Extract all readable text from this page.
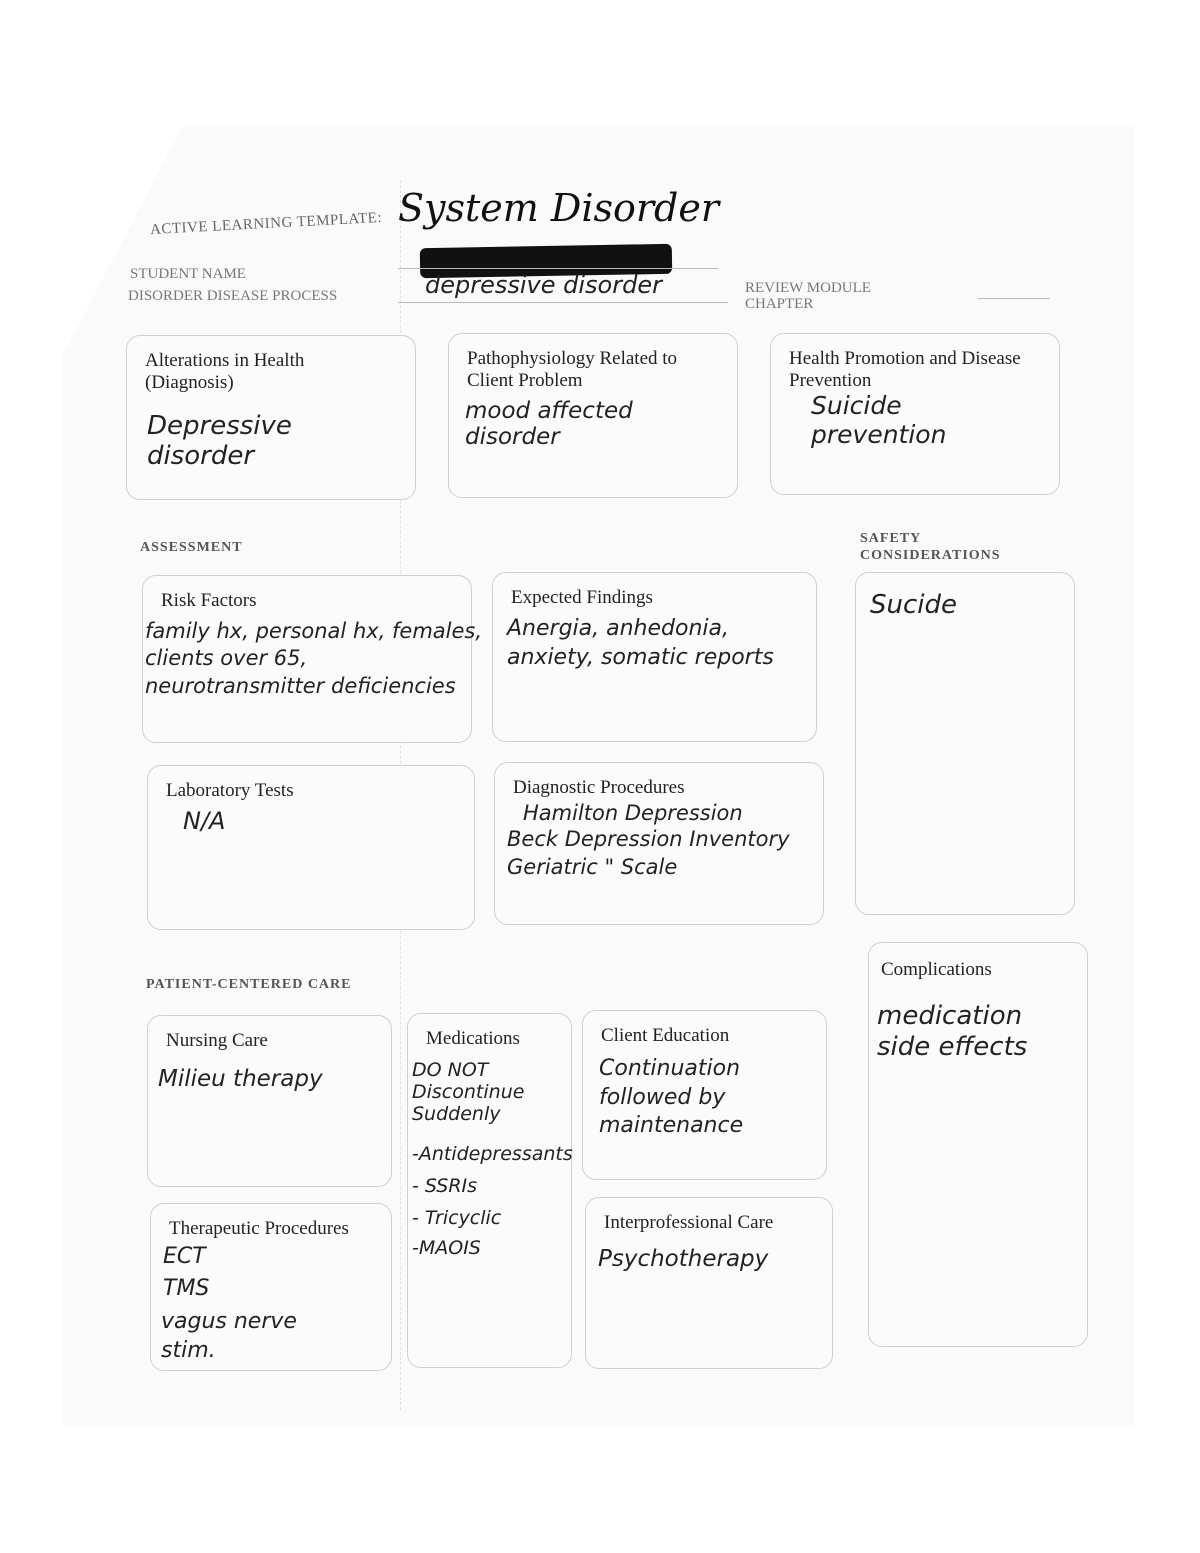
ACTIVE LEARNING TEMPLATE: System Disorder
STUDENT NAME
DISORDER DISEASE PROCESS	depressive disorder	REVIEW MODULE
CHAPTER
Alterations in Health (Diagnosis)
Depressive disorder
Pathophysiology Related to Client Problem
mood affected disorder
Health Promotion and Disease Prevention
Suicide prevention
ASSESSMENT
SAFETY CONSIDERATIONS
Risk Factors
family hx, personal hx, females, clients over 65, neurotransmitter deficiencies
Expected Findings
Anergia, anhedonia, anxiety, somatic reports
Sucide
Laboratory Tests
N/A
Diagnostic Procedures
Hamilton Depression
Beck Depression Inventory
Geriatric " Scale
PATIENT-CENTERED CARE
Complications
medication side effects
Nursing Care
Milieu therapy
Medications
DO NOT Discontinue Suddenly
-Antidepressants
- SSRIs
- Tricyclic
-MAOIS
Client Education
Continuation followed by maintenance
Therapeutic Procedures
ECT
TMS
vagus nerve stim.
Interprofessional Care
Psychotherapy
